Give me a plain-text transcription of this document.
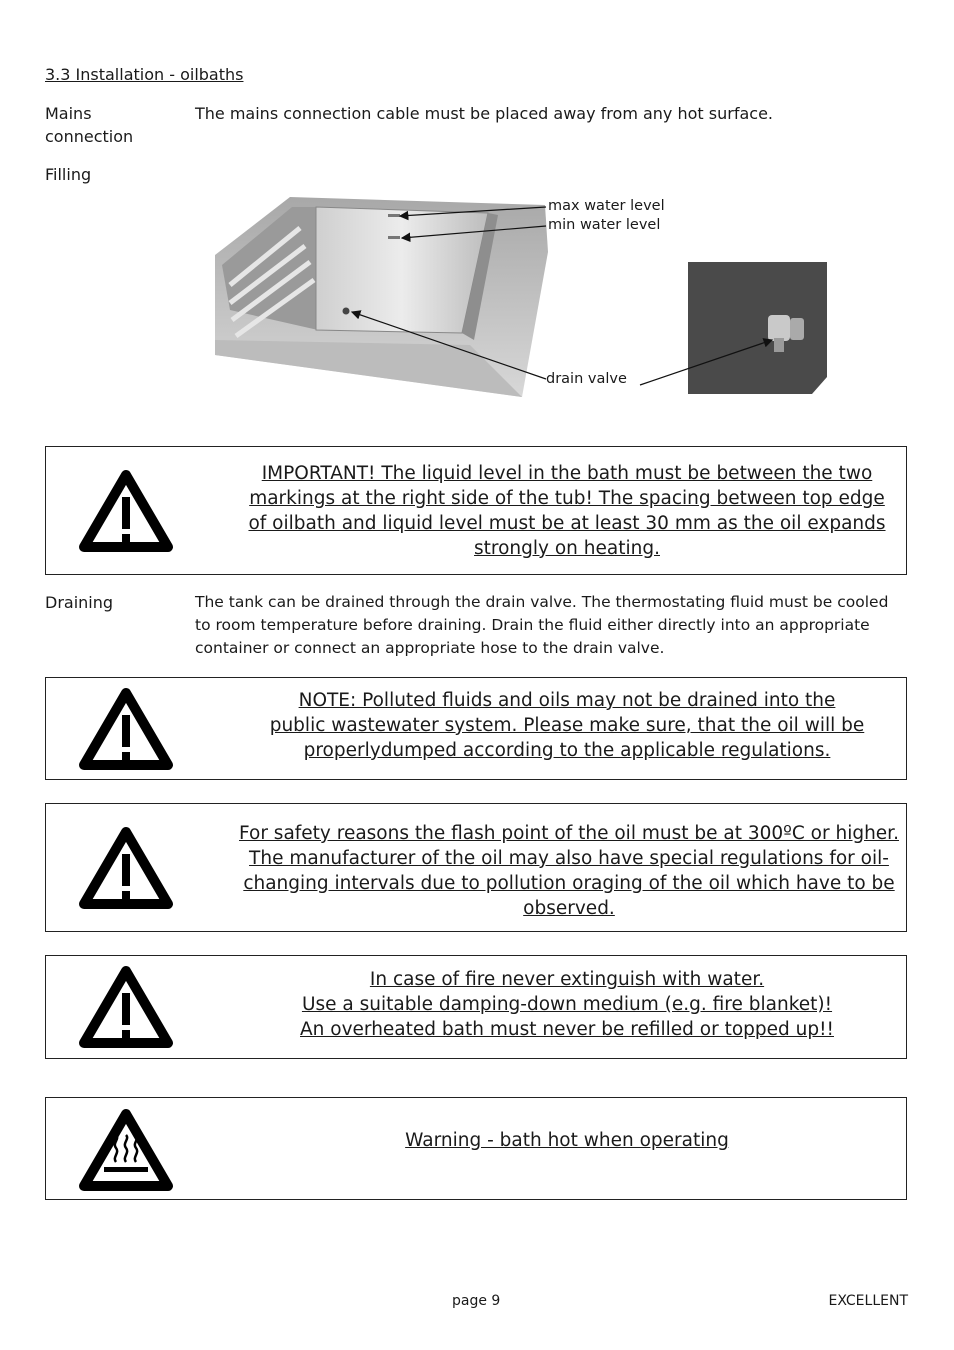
3.3 Installation - oilbaths
Mains
connection
The mains connection cable must be placed away from any hot surface.
Filling
max water level
min water level
drain valve
IMPORTANT! The liquid level in the bath must be between the two
markings at the right side of the tub! The spacing between top edge
of oilbath and liquid level must be at least 30 mm as the oil expands
strongly on heating.
Draining	The tank can be drained through the drain valve. The thermostating fluid must be cooled
to room temperature before draining. Drain the fluid either directly into an appropriate
container or connect an appropriate hose to the drain valve.
NOTE: Polluted fluids and oils may not be drained into the
public wastewater system. Please make sure, that the oil will be
properlydumped according to the applicable regulations.
For safety reasons the flash point of the oil must be at 300ºC or higher.
The manufacturer of the oil may also have special regulations for oil-
changing intervals due to pollution oraging of the oil which have to be
observed.
In case of fire never extinguish with water.
Use a suitable damping-down medium (e.g. fire blanket)!
An overheated bath must never be refilled or topped up!!
Warning - bath hot when operating
page 9	EXCELLENT
